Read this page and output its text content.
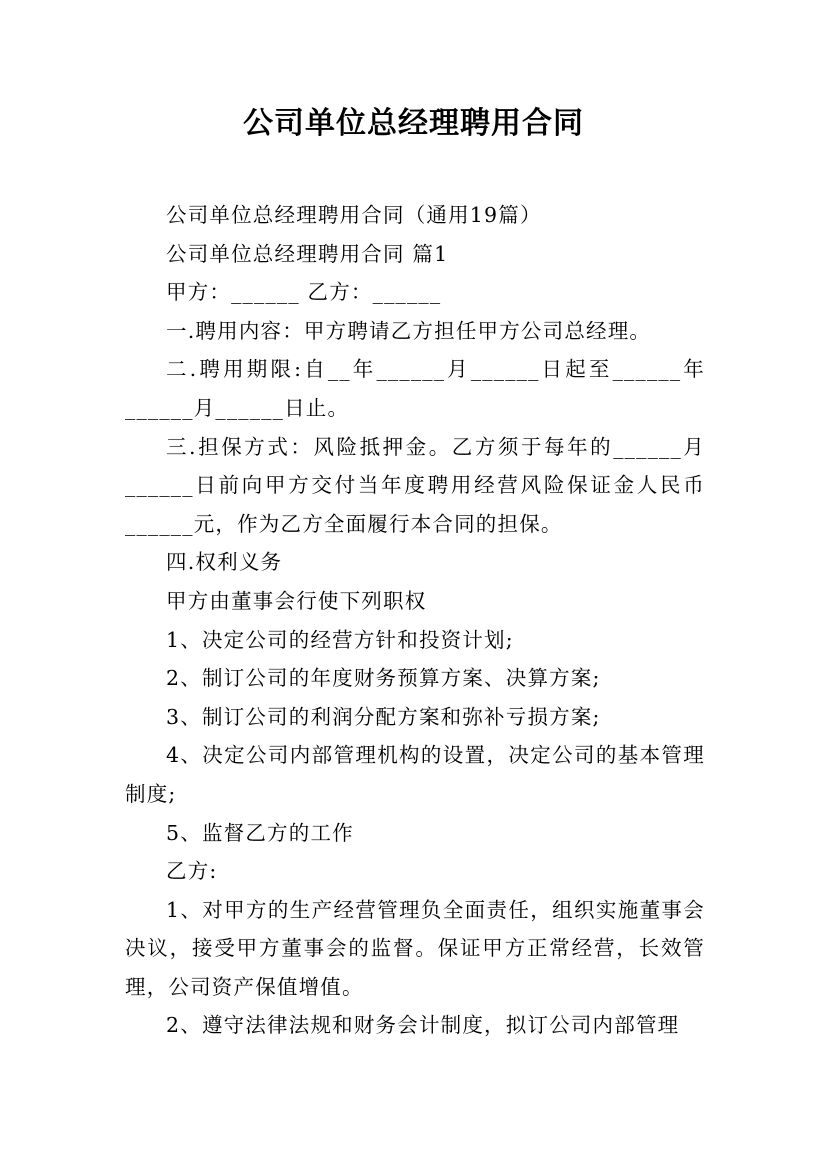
公司单位总经理聘用合同

公司单位总经理聘用合同（通用19篇）

公司单位总经理聘用合同 篇1

甲方：______ 乙方：______

一.聘用内容：甲方聘请乙方担任甲方公司总经理。

二.聘用期限:自__年______月______日起至______年______月______日止。

三.担保方式：风险抵押金。乙方须于每年的______月______日前向甲方交付当年度聘用经营风险保证金人民币______元，作为乙方全面履行本合同的担保。

四.权利义务

甲方由董事会行使下列职权

1、决定公司的经营方针和投资计划;

2、制订公司的年度财务预算方案、决算方案;

3、制订公司的利润分配方案和弥补亏损方案;

4、决定公司内部管理机构的设置，决定公司的基本管理制度;

5、监督乙方的工作

乙方:

1、对甲方的生产经营管理负全面责任，组织实施董事会决议，接受甲方董事会的监督。保证甲方正常经营，长效管理，公司资产保值增值。

2、遵守法律法规和财务会计制度，拟订公司内部管理
